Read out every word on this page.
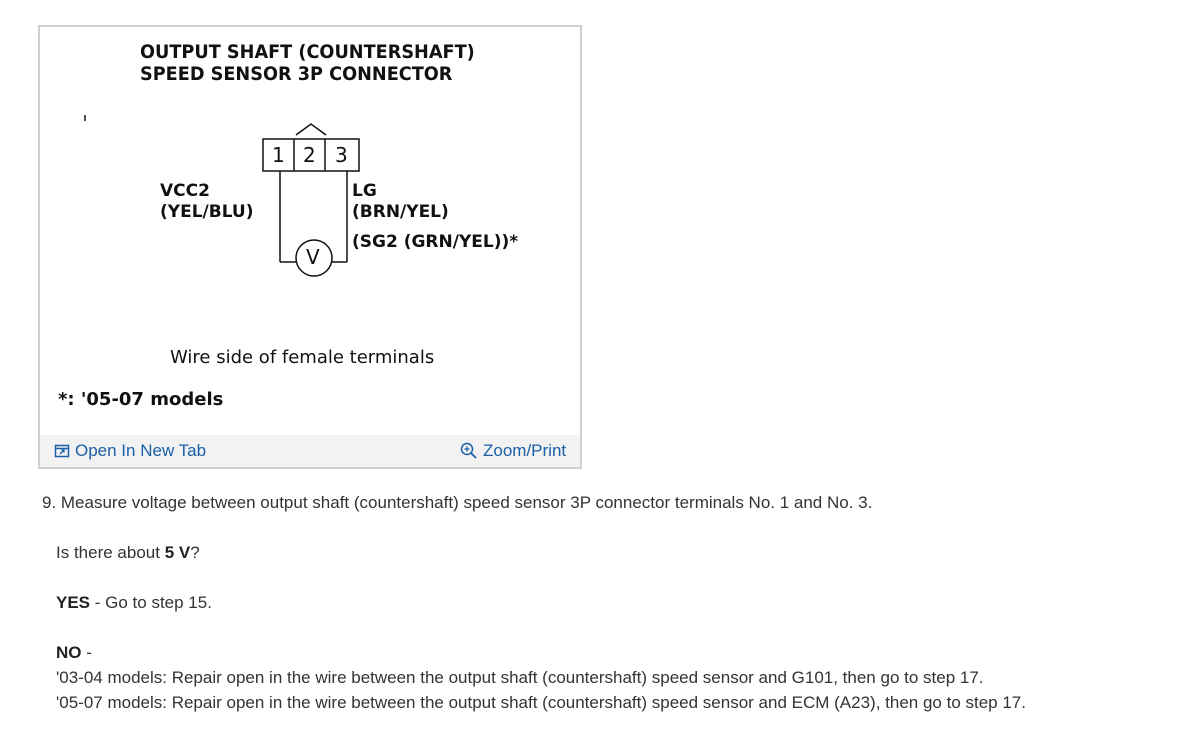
OUTPUT SHAFT (COUNTERSHAFT)
SPEED SENSOR 3P CONNECTOR
1 2 3
V
VCC2
(YEL/BLU)
LG
(BRN/YEL)
(SG2 (GRN/YEL))*
Wire side of female terminals
*: '05-07 models
Open In New Tab	Zoom/Print
9. Measure voltage between output shaft (countershaft) speed sensor 3P connector terminals No. 1 and No. 3.
Is there about 5 V?
YES - Go to step 15.
NO -
'03-04 models: Repair open in the wire between the output shaft (countershaft) speed sensor and G101, then go to step 17.
'05-07 models: Repair open in the wire between the output shaft (countershaft) speed sensor and ECM (A23), then go to step 17.
